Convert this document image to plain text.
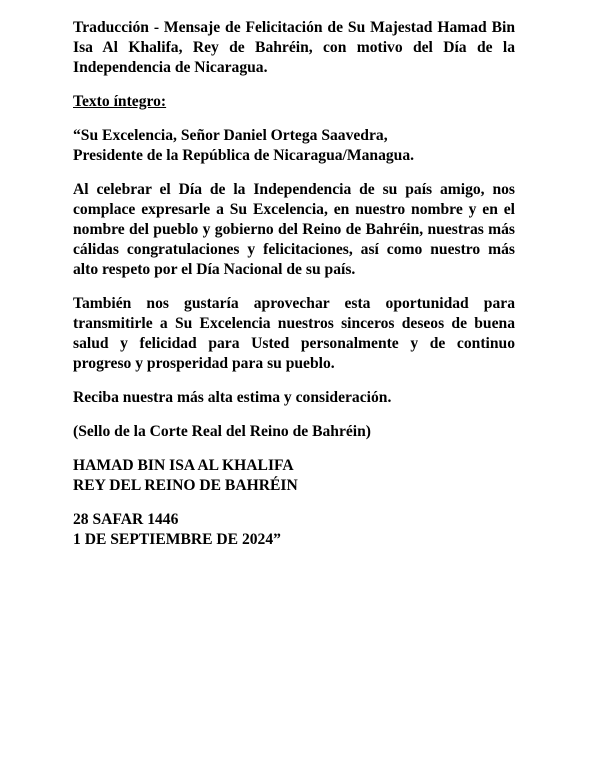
Traducción - Mensaje de Felicitación de Su Majestad Hamad Bin Isa Al Khalifa, Rey de Bahréin, con motivo del Día de la Independencia de Nicaragua.

Texto íntegro:

“Su Excelencia, Señor Daniel Ortega Saavedra,
Presidente de la República de Nicaragua/Managua.

Al celebrar el Día de la Independencia de su país amigo, nos complace expresarle a Su Excelencia, en nuestro nombre y en el nombre del pueblo y gobierno del Reino de Bahréin, nuestras más cálidas congratulaciones y felicitaciones, así como nuestro más alto respeto por el Día Nacional de su país.

También nos gustaría aprovechar esta oportunidad para transmitirle a Su Excelencia nuestros sinceros deseos de buena salud y felicidad para Usted personalmente y de continuo progreso y prosperidad para su pueblo.

Reciba nuestra más alta estima y consideración.

(Sello de la Corte Real del Reino de Bahréin)

HAMAD BIN ISA AL KHALIFA
REY DEL REINO DE BAHRÉIN

28 SAFAR 1446
1 DE SEPTIEMBRE DE 2024”
